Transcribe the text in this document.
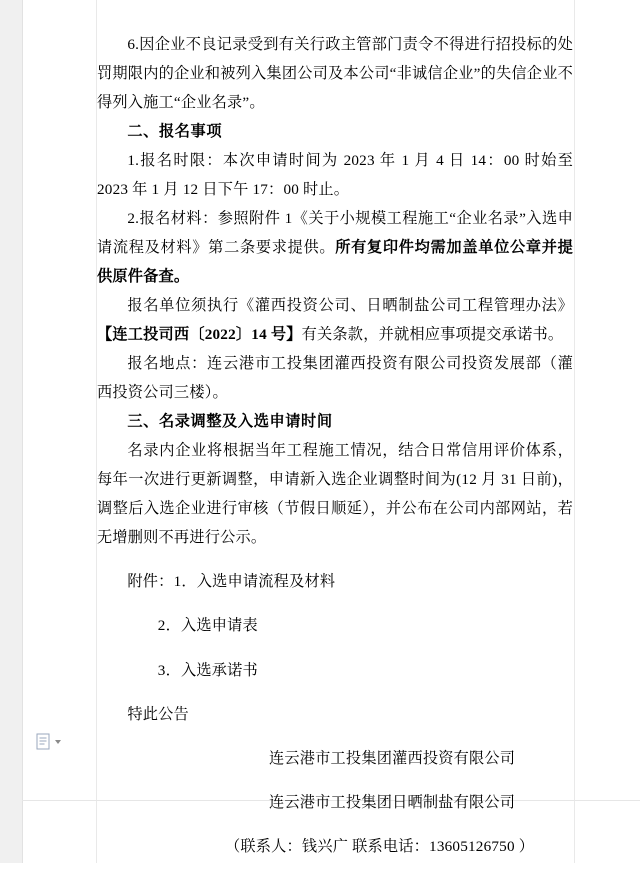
6.因企业不良记录受到有关行政主管部门责令不得进行招投标的处罚期限内的企业和被列入集团公司及本公司“非诚信企业”的失信企业不得列入施工“企业名录”。

二、报名事项

1.报名时限：本次申请时间为 2023 年 1 月 4 日 14：00 时始至 2023 年 1 月 12 日下午 17：00 时止。

2.报名材料：参照附件 1《关于小规模工程施工“企业名录”入选申请流程及材料》第二条要求提供。所有复印件均需加盖单位公章并提供原件备查。

报名单位须执行《灌西投资公司、日晒制盐公司工程管理办法》【连工投司西〔2022〕14 号】有关条款，并就相应事项提交承诺书。

报名地点：连云港市工投集团灌西投资有限公司投资发展部（灌西投资公司三楼）。

三、名录调整及入选申请时间

名录内企业将根据当年工程施工情况，结合日常信用评价体系，每年一次进行更新调整，申请新入选企业调整时间为(12 月 31 日前)，调整后入选企业进行审核（节假日顺延），并公布在公司内部网站，若无增删则不再进行公示。

附件：1．入选申请流程及材料

2．入选申请表

3．入选承诺书

特此公告

连云港市工投集团灌西投资有限公司

连云港市工投集团日晒制盐有限公司

（联系人：钱兴广 联系电话：13605126750 ）
